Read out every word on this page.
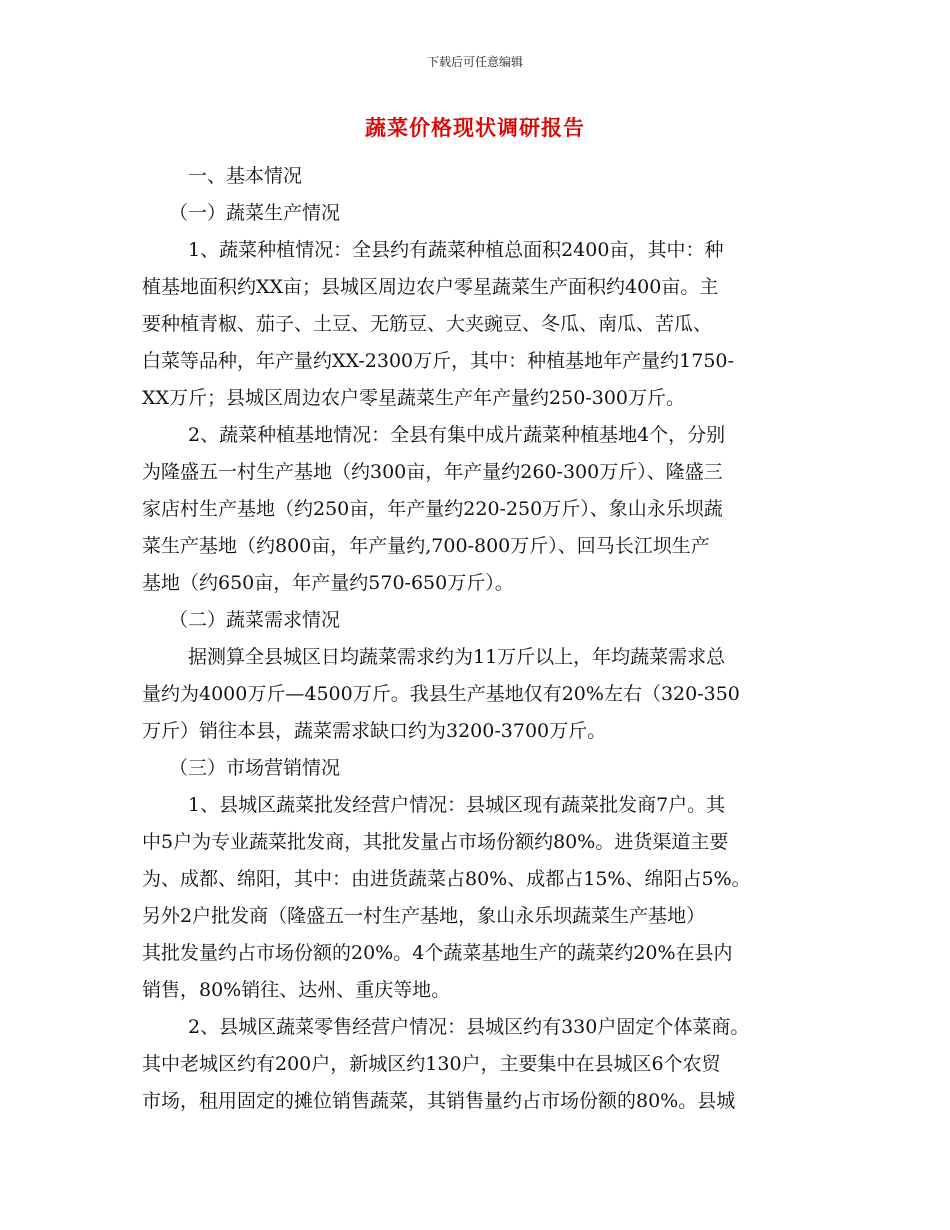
下载后可任意编辑
蔬菜价格现状调研报告
一、基本情况
（一）蔬菜生产情况
1、蔬菜种植情况：全县约有蔬菜种植总面积2400亩，其中：种
植基地面积约XX亩；县城区周边农户零星蔬菜生产面积约400亩。主
要种植青椒、茄子、土豆、无筋豆、大夹豌豆、冬瓜、南瓜、苦瓜、
白菜等品种，年产量约XX-2300万斤，其中：种植基地年产量约1750-
XX万斤；县城区周边农户零星蔬菜生产年产量约250-300万斤。
2、蔬菜种植基地情况：全县有集中成片蔬菜种植基地4个，分别
为隆盛五一村生产基地（约300亩，年产量约260-300万斤）、隆盛三
家店村生产基地（约250亩，年产量约220-250万斤）、象山永乐坝蔬
菜生产基地（约800亩，年产量约,700-800万斤）、回马长江坝生产
基地（约650亩，年产量约570-650万斤）。
（二）蔬菜需求情况
据测算全县城区日均蔬菜需求约为11万斤以上，年均蔬菜需求总
量约为4000万斤—4500万斤。我县生产基地仅有20%左右（320-350
万斤）销往本县，蔬菜需求缺口约为3200-3700万斤。
（三）市场营销情况
1、县城区蔬菜批发经营户情况：县城区现有蔬菜批发商7户。其
中5户为专业蔬菜批发商，其批发量占市场份额约80%。进货渠道主要
为、成都、绵阳，其中：由进货蔬菜占80%、成都占15%、绵阳占5%。
另外2户批发商（隆盛五一村生产基地，象山永乐坝蔬菜生产基地）
其批发量约占市场份额的20%。4个蔬菜基地生产的蔬菜约20%在县内
销售，80%销往、达州、重庆等地。
2、县城区蔬菜零售经营户情况：县城区约有330户固定个体菜商。
其中老城区约有200户，新城区约130户，主要集中在县城区6个农贸
市场，租用固定的摊位销售蔬菜，其销售量约占市场份额的80%。县城
